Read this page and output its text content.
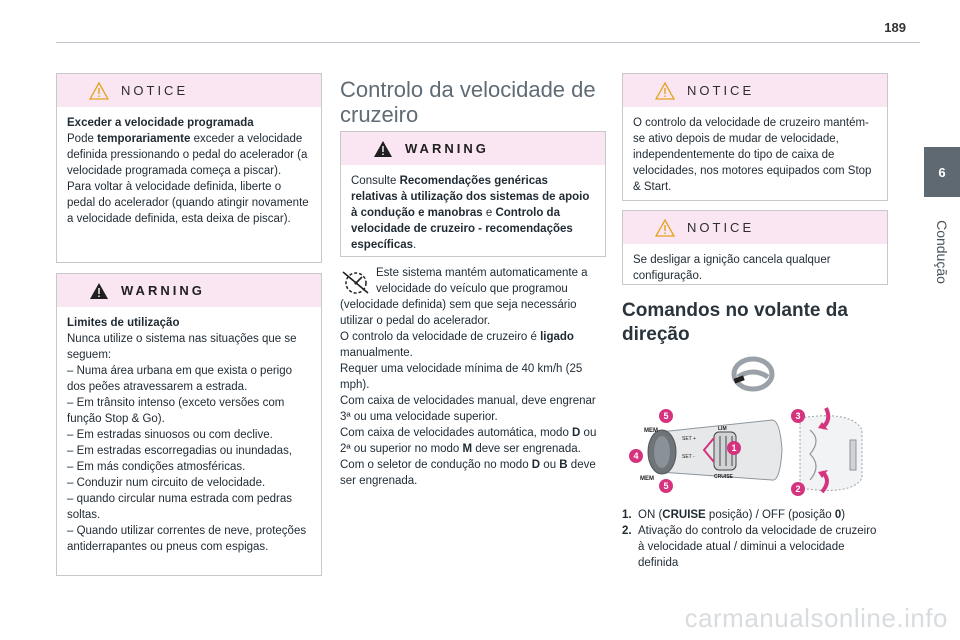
189
6
Condução
NOTICE

Exceder a velocidade programada

Pode temporariamente exceder a velocidade definida pressionando o pedal do acelerador (a velocidade programada começa a piscar).

Para voltar à velocidade definida, liberte o pedal do acelerador (quando atingir novamente a velocidade definida, esta deixa de piscar).

WARNING

Limites de utilização

Nunca utilize o sistema nas situações que se seguem:

– Numa área urbana em que exista o perigo dos peões atravessarem a estrada.

– Em trânsito intenso (exceto versões com função Stop & Go).

– Em estradas sinuosos ou com declive.

– Em estradas escorregadias ou inundadas,

– Em más condições atmosféricas.

– Conduzir num circuito de velocidade.

– quando circular numa estrada com pedras soltas.

– Quando utilizar correntes de neve, proteções antiderrapantes ou pneus com espigas.

Controlo da velocidade de cruzeiro
WARNING

Consulte Recomendações genéricas relativas à utilização dos sistemas de apoio à condução e manobras e Controlo da velocidade de cruzeiro - recomendações específicas.

Este sistema mantém automaticamente a velocidade do veículo que programou

(velocidade definida) sem que seja necessário utilizar o pedal do acelerador.

O controlo da velocidade de cruzeiro é ligado manualmente.

Requer uma velocidade mínima de 40 km/h (25 mph).

Com caixa de velocidades manual, deve engrenar 3ª ou uma velocidade superior.

Com caixa de velocidades automática, modo D ou 2ª ou superior no modo M deve ser engrenada.

Com o seletor de condução no modo D ou B deve ser engrenada.

NOTICE

O controlo da velocidade de cruzeiro mantém-se ativo depois de mudar de velocidade, independentemente do tipo de caixa de velocidades, nos motores equipados com Stop & Start.

NOTICE

Se desligar a ignição cancela qualquer configuração.

Comandos no volante da direção
MEM
MEM
SET +
SET -
LIM
CRUISE
5
4
5
1
3
2
1. ON (CRUISE posição) / OFF (posição 0)
2. Ativação do controlo da velocidade de cruzeiro à velocidade atual / diminui a velocidade definida
carmanualsonline.info
